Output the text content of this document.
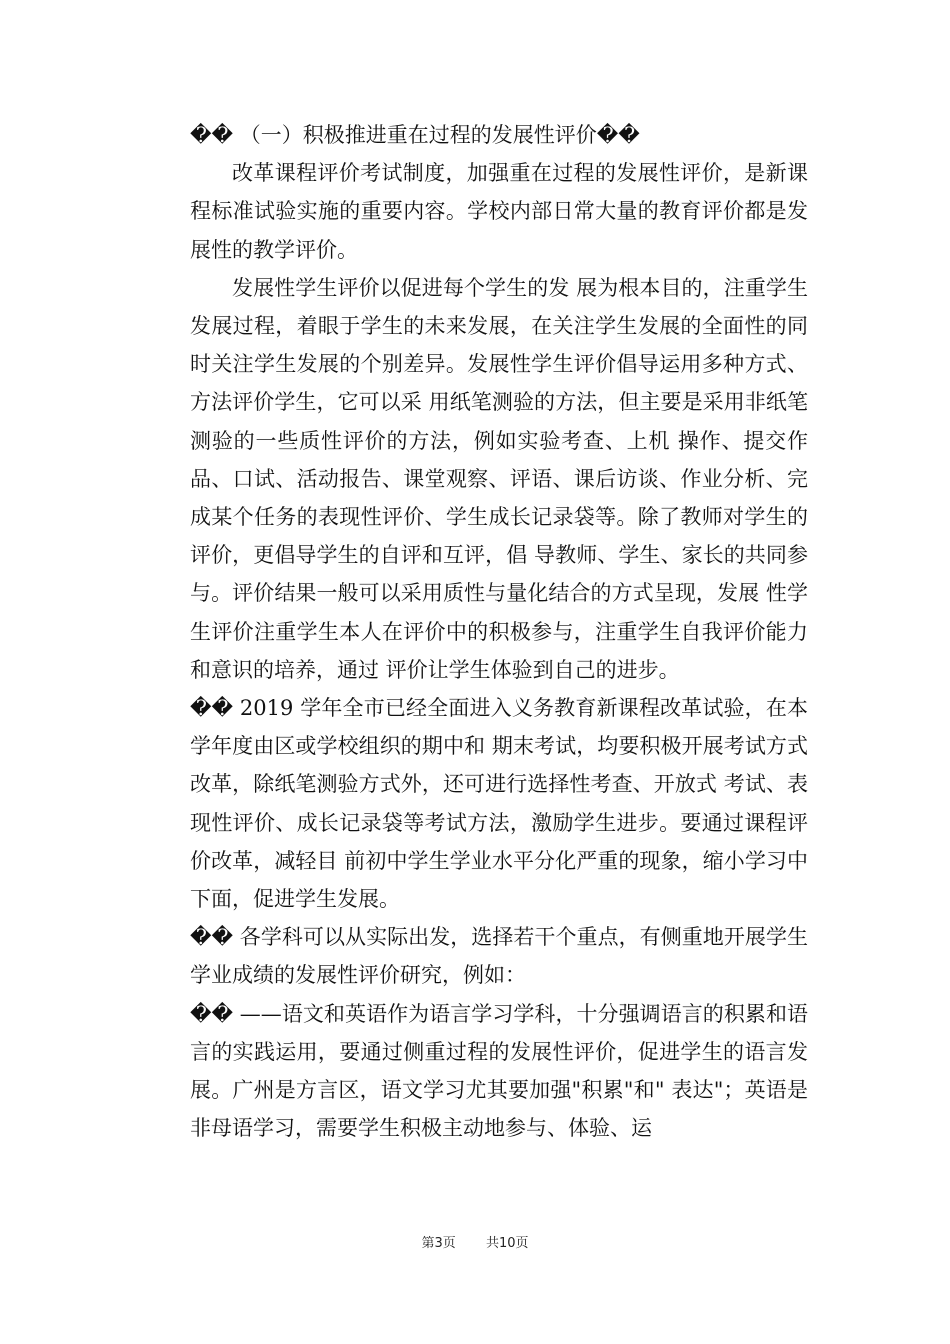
�� （一）积极推进重在过程的发展性评价��

改革课程评价考试制度，加强重在过程的发展性评价，是新课程标准试验实施的重要内容。学校内部日常大量的教育评价都是发展性的教学评价。

发展性学生评价以促进每个学生的发 展为根本目的，注重学生发展过程，着眼于学生的未来发展，在关注学生发展的全面性的同 时关注学生发展的个别差异。发展性学生评价倡导运用多种方式、方法评价学生，它可以采 用纸笔测验的方法，但主要是采用非纸笔测验的一些质性评价的方法，例如实验考查、上机 操作、提交作品、口试、活动报告、课堂观察、评语、课后访谈、作业分析、完成某个任务的表现性评价、学生成长记录袋等。除了教师对学生的评价，更倡导学生的自评和互评，倡 导教师、学生、家长的共同参与。评价结果一般可以采用质性与量化结合的方式呈现，发展 性学生评价注重学生本人在评价中的积极参与，注重学生自我评价能力和意识的培养，通过 评价让学生体验到自己的进步。

�� 2019 学年全市已经全面进入义务教育新课程改革试验，在本学年度由区或学校组织的期中和 期末考试，均要积极开展考试方式改革，除纸笔测验方式外，还可进行选择性考查、开放式 考试、表现性评价、成长记录袋等考试方法，激励学生进步。要通过课程评价改革，减轻目 前初中学生学业水平分化严重的现象，缩小学习中下面，促进学生发展。

�� 各学科可以从实际出发，选择若干个重点，有侧重地开展学生学业成绩的发展性评价研究，例如：

�� ——语文和英语作为语言学习学科，十分强调语言的积累和语言的实践运用，要通过侧重过程的发展性评价，促进学生的语言发展。广州是方言区，语文学习尤其要加强"积累"和" 表达"；英语是非母语学习，需要学生积极主动地参与、体验、运

第3页 共10页
